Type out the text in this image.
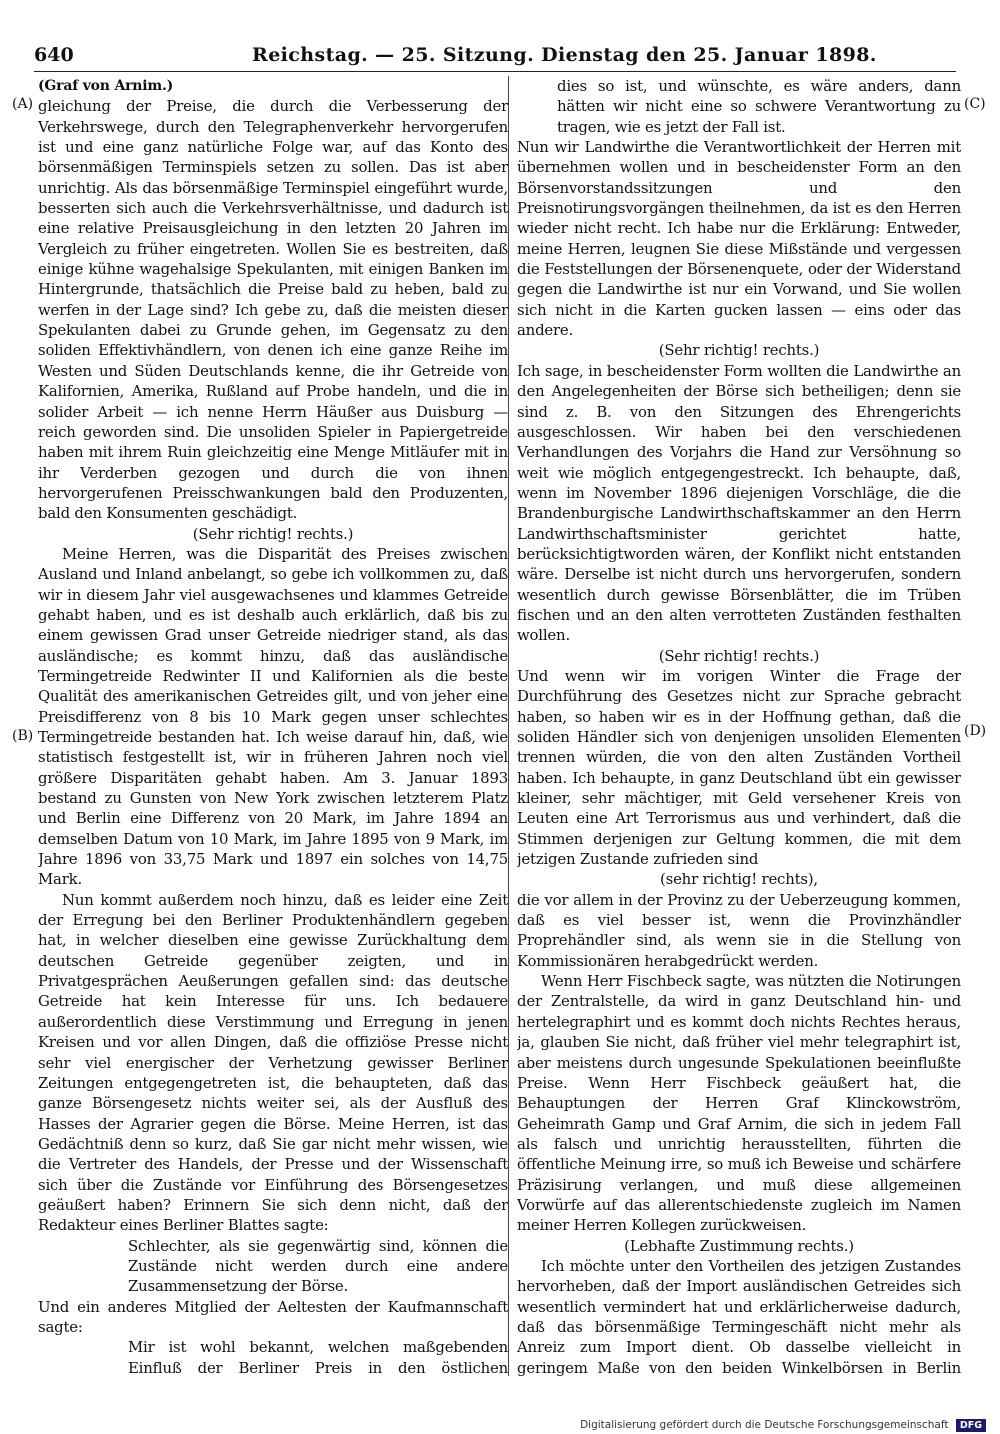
640	Reichstag. — 25. Sitzung. Dienstag den 25. Januar 1898.
(A)
(B)
(C)
(D)

(Graf von Arnim.)

gleichung der Preise, die durch die Verbesserung der Verkehrswege, durch den Telegraphenverkehr hervorgerufen ist und eine ganz natürliche Folge war, auf das Konto des börsenmäßigen Terminspiels setzen zu sollen. Das ist aber unrichtig. Als das börsenmäßige Terminspiel eingeführt wurde, besserten sich auch die Verkehrsverhältnisse, und dadurch ist eine relative Preisausgleichung in den letzten 20 Jahren im Vergleich zu früher eingetreten. Wollen Sie es bestreiten, daß einige kühne wagehalsige Spekulanten, mit einigen Banken im Hintergrunde, thatsächlich die Preise bald zu heben, bald zu werfen in der Lage sind? Ich gebe zu, daß die meisten dieser Spekulanten dabei zu Grunde gehen, im Gegensatz zu den soliden Effektivhändlern, von denen ich eine ganze Reihe im Westen und Süden Deutschlands kenne, die ihr Getreide von Kalifornien, Amerika, Rußland auf Probe handeln, und die in solider Arbeit — ich nenne Herrn Häußer aus Duisburg — reich geworden sind. Die unsoliden Spieler in Papiergetreide haben mit ihrem Ruin gleichzeitig eine Menge Mitläufer mit in ihr Verderben gezogen und durch die von ihnen hervorgerufenen Preisschwankungen bald den Produzenten, bald den Konsumenten geschädigt.

(Sehr richtig! rechts.)

Meine Herren, was die Disparität des Preises zwischen Ausland und Inland anbelangt, so gebe ich vollkommen zu, daß wir in diesem Jahr viel ausgewachsenes und klammes Getreide gehabt haben, und es ist deshalb auch erklärlich, daß bis zu einem gewissen Grad unser Getreide niedriger stand, als das ausländische; es kommt hinzu, daß das ausländische Termingetreide Redwinter II und Kalifornien als die beste Qualität des amerikanischen Getreides gilt, und von jeher eine Preisdifferenz von 8 bis 10 Mark gegen unser schlechtes Termingetreide bestanden hat. Ich weise darauf hin, daß, wie statistisch festgestellt ist, wir in früheren Jahren noch viel größere Disparitäten gehabt haben. Am 3. Januar 1893 bestand zu Gunsten von New York zwischen letzterem Platz und Berlin eine Differenz von 20 Mark, im Jahre 1894 an demselben Datum von 10 Mark, im Jahre 1895 von 9 Mark, im Jahre 1896 von 33,75 Mark und 1897 ein solches von 14,75 Mark.

Nun kommt außerdem noch hinzu, daß es leider eine Zeit der Erregung bei den Berliner Produktenhändlern gegeben hat, in welcher dieselben eine gewisse Zurückhaltung dem deutschen Getreide gegenüber zeigten, und in Privatgesprächen Aeußerungen gefallen sind: das deutsche Getreide hat kein Interesse für uns. Ich bedauere außerordentlich diese Verstimmung und Erregung in jenen Kreisen und vor allen Dingen, daß die offiziöse Presse nicht sehr viel energischer der Verhetzung gewisser Berliner Zeitungen entgegengetreten ist, die behaupteten, daß das ganze Börsengesetz nichts weiter sei, als der Ausfluß des Hasses der Agrarier gegen die Börse. Meine Herren, ist das Gedächtniß denn so kurz, daß Sie gar nicht mehr wissen, wie die Vertreter des Handels, der Presse und der Wissenschaft sich über die Zustände vor Einführung des Börsengesetzes geäußert haben? Erinnern Sie sich denn nicht, daß der Redakteur eines Berliner Blattes sagte:

Schlechter, als sie gegenwärtig sind, können die Zustände nicht werden durch eine andere Zusammensetzung der Börse.

Und ein anderes Mitglied der Aeltesten der Kaufmannschaft sagte:

Mir ist wohl bekannt, welchen maßgebenden Einfluß der Berliner Preis in den östlichen

dies so ist, und wünschte, es wäre anders, dann hätten wir nicht eine so schwere Verantwortung zu tragen, wie es jetzt der Fall ist.

Nun wir Landwirthe die Verantwortlichkeit der Herren mit übernehmen wollen und in bescheidenster Form an den Börsenvorstandssitzungen und den Preisnotirungsvorgängen theilnehmen, da ist es den Herren wieder nicht recht. Ich habe nur die Erklärung: Entweder, meine Herren, leugnen Sie diese Mißstände und vergessen die Feststellungen der Börsenenquete, oder der Widerstand gegen die Landwirthe ist nur ein Vorwand, und Sie wollen sich nicht in die Karten gucken lassen — eins oder das andere.

(Sehr richtig! rechts.)

Ich sage, in bescheidenster Form wollten die Landwirthe an den Angelegenheiten der Börse sich betheiligen; denn sie sind z. B. von den Sitzungen des Ehrengerichts ausgeschlossen. Wir haben bei den verschiedenen Verhandlungen des Vorjahrs die Hand zur Versöhnung so weit wie möglich entgegengestreckt. Ich behaupte, daß, wenn im November 1896 diejenigen Vorschläge, die die Brandenburgische Landwirthschaftskammer an den Herrn Landwirthschaftsminister gerichtet hatte, berücksichtigtworden wären, der Konflikt nicht entstanden wäre. Derselbe ist nicht durch uns hervorgerufen, sondern wesentlich durch gewisse Börsenblätter, die im Trüben fischen und an den alten verrotteten Zuständen festhalten wollen.

(Sehr richtig! rechts.)

Und wenn wir im vorigen Winter die Frage der Durchführung des Gesetzes nicht zur Sprache gebracht haben, so haben wir es in der Hoffnung gethan, daß die soliden Händler sich von denjenigen unsoliden Elementen trennen würden, die von den alten Zuständen Vortheil haben. Ich behaupte, in ganz Deutschland übt ein gewisser kleiner, sehr mächtiger, mit Geld versehener Kreis von Leuten eine Art Terrorismus aus und verhindert, daß die Stimmen derjenigen zur Geltung kommen, die mit dem jetzigen Zustande zufrieden sind

(sehr richtig! rechts),

die vor allem in der Provinz zu der Ueberzeugung kommen, daß es viel besser ist, wenn die Provinzhändler Proprehändler sind, als wenn sie in die Stellung von Kommissionären herabgedrückt werden.

Wenn Herr Fischbeck sagte, was nützten die Notirungen der Zentralstelle, da wird in ganz Deutschland hin- und hertelegraphirt und es kommt doch nichts Rechtes heraus, ja, glauben Sie nicht, daß früher viel mehr telegraphirt ist, aber meistens durch ungesunde Spekulationen beeinflußte Preise. Wenn Herr Fischbeck geäußert hat, die Behauptungen der Herren Graf Klinckowström, Geheimrath Gamp und Graf Arnim, die sich in jedem Fall als falsch und unrichtig herausstellten, führten die öffentliche Meinung irre, so muß ich Beweise und schärfere Präzisirung verlangen, und muß diese allgemeinen Vorwürfe auf das allerentschiedenste zugleich im Namen meiner Herren Kollegen zurückweisen.

(Lebhafte Zustimmung rechts.)

Ich möchte unter den Vortheilen des jetzigen Zustandes hervorheben, daß der Import ausländischen Getreides sich wesentlich vermindert hat und erklärlicherweise dadurch, daß das börsenmäßige Termingeschäft nicht mehr als Anreiz zum Import dient. Ob dasselbe vielleicht in geringem Maße von den beiden Winkelbörsen in Berlin

Digitalisierung gefördert durch die Deutsche Forschungsgemeinschaft DFG
